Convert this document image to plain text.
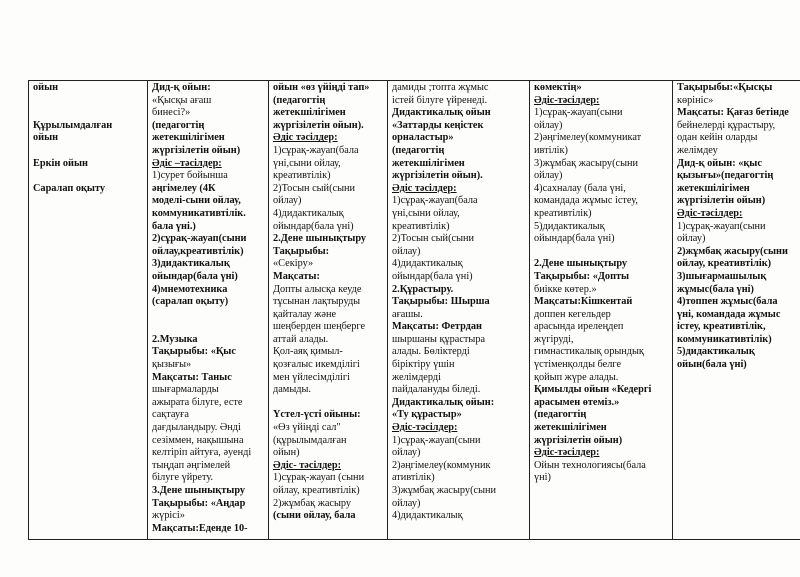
ойын
Құрылымдалған
ойын
Еркін ойын
Саралап оқыту

Дид-қ ойын:
«Қысқы ағаш
бинесі?»
(педагогтің
жетекшілігімен
жүргізілетін ойын)
Әдіс –тәсілдер:
1)сурет бойынша
әңгімелеу (4К
моделі-сыни ойлау,
коммуникативтілік.
бала үні.)
2)сұрақ-жауап(сыни
ойлау,креативтілік)
3)дидактикалық
ойындар(бала үні)
4)мнемотехника
(саралап оқыту)
2.Музыка
Тақырыбы: «Қыс
қызығы»
Мақсаты: Таныс
шығармаларды
ажырата білуге, есте
сақтауға
дағдыландыру. Әнді
сезіммен, нақышына
келтіріп айтуға, әуенді
тыңдап әңгімелей
білуге үйрету.
3.Дене шынықтыру
Тақырыбы: «Аңдар
жүрісі»
Мақсаты:Еденде 10-

ойын «өз үйіңді тап»
(педагогтің
жетекшілігімен
жүргізілетін ойын).
Әдіс тәсілдер:
1)сұрақ-жауап(бала
үні,сыни ойлау,
креативтілік)
2)Тосын сый(сыни
ойлау)
4)дидактикалық
ойындар(бала үні)
2.Дене шынықтыру
Тақырыбы:
«Секіру»
Мақсаты:
Допты алысқа кеуде
тұсынан лақтыруды
қайталау және
шеңберден шеңберге
аттай алады.
Қол-аяқ қимыл-
қозғалыс икемділігі
мен үйлесімділігі
дамыды.
Үстел-үсті ойыны:
«Өз үйіңді сал"
(құрылымдалған
ойын)
Әдіс- тәсілдер:
1)сұрақ-жауап (сыни
ойлау, креативтілік)
2)жұмбақ жасыру
(сыни ойлау, бала

дамиды ;топта жұмыс
істей білуге үйренеді.
Дидактикалық ойын
«Заттарды кеңістек
орналастыр»
(педагогтің
жетекшілігімен
жүргізілетін ойын).
Әдіс тәсілдер:
1)сұрақ-жауап(бала
үні,сыни ойлау,
креативтілік)
2)Тосын сый(сыни
ойлау)
4)дидактикалық
ойындар(бала үні)
2.Құрастыру.
Тақырыбы: Шырша
ағашы.
Мақсаты: Фетрдан
шыршаны құрастыра
алады. Бөліктерді
біріктіру үшін
желімдерді
пайдалануды біледі.
Дидактикалық ойын:
«Ту құрастыр»
Әдіс-тәсілдер:
1)сұрақ-жауап(сыни
ойлау)
2)әңгімелеу(коммуник
ативтілік)
3)жұмбақ жасыру(сыни
ойлау)
4)дидактикалық

көмектің»
Әдіс-тәсілдер:
1)сұрақ-жауап(сыни
ойлау)
2)әңгімелеу(коммуникат
ивтілік)
3)жұмбақ жасыру(сыни
ойлау)
4)сахналау (бала үні,
командада жұмыс істеу,
креативтілік)
5)дидактикалық
ойындар(бала үні)
2.Дене шынықтыру
Тақырыбы: «Допты
биікке көтер.»
Мақсаты:Кішкентай
доппен кегельдер
арасында ирелеңдеп
жүгіруді,
гимнастикалық орындық
үстіменқолды белге
қойып жүре алады.
Қимылды ойын «Кедергі
арасымен өтеміз.»
(педагогтің
жетекшілігімен
жүргізілетін ойын)
Әдіс-тәсілдер:
Ойын технологиясы(бала
үні)

Тақырыбы:«Қысқы
көрініс»
Мақсаты: Қағаз бетінде
бейнелерді құрастыру,
одан кейін оларды
желімдеу
Дид-қ ойын: «қыс
қызығы»(педагогтің
жетекшілігімен
жүргізілетін ойын)
Әдіс-тәсілдер:
1)сұрақ-жауап(сыни
ойлау)
2)жұмбақ жасыру(сыни
ойлау, креативтілік)
3)шығармашылық
жұмыс(бала үні)
4)топпен жұмыс(бала
үні, командада жұмыс
істеу, креативтілік,
коммуникативтілік)
5)дидактикалық
ойын(бала үні)
